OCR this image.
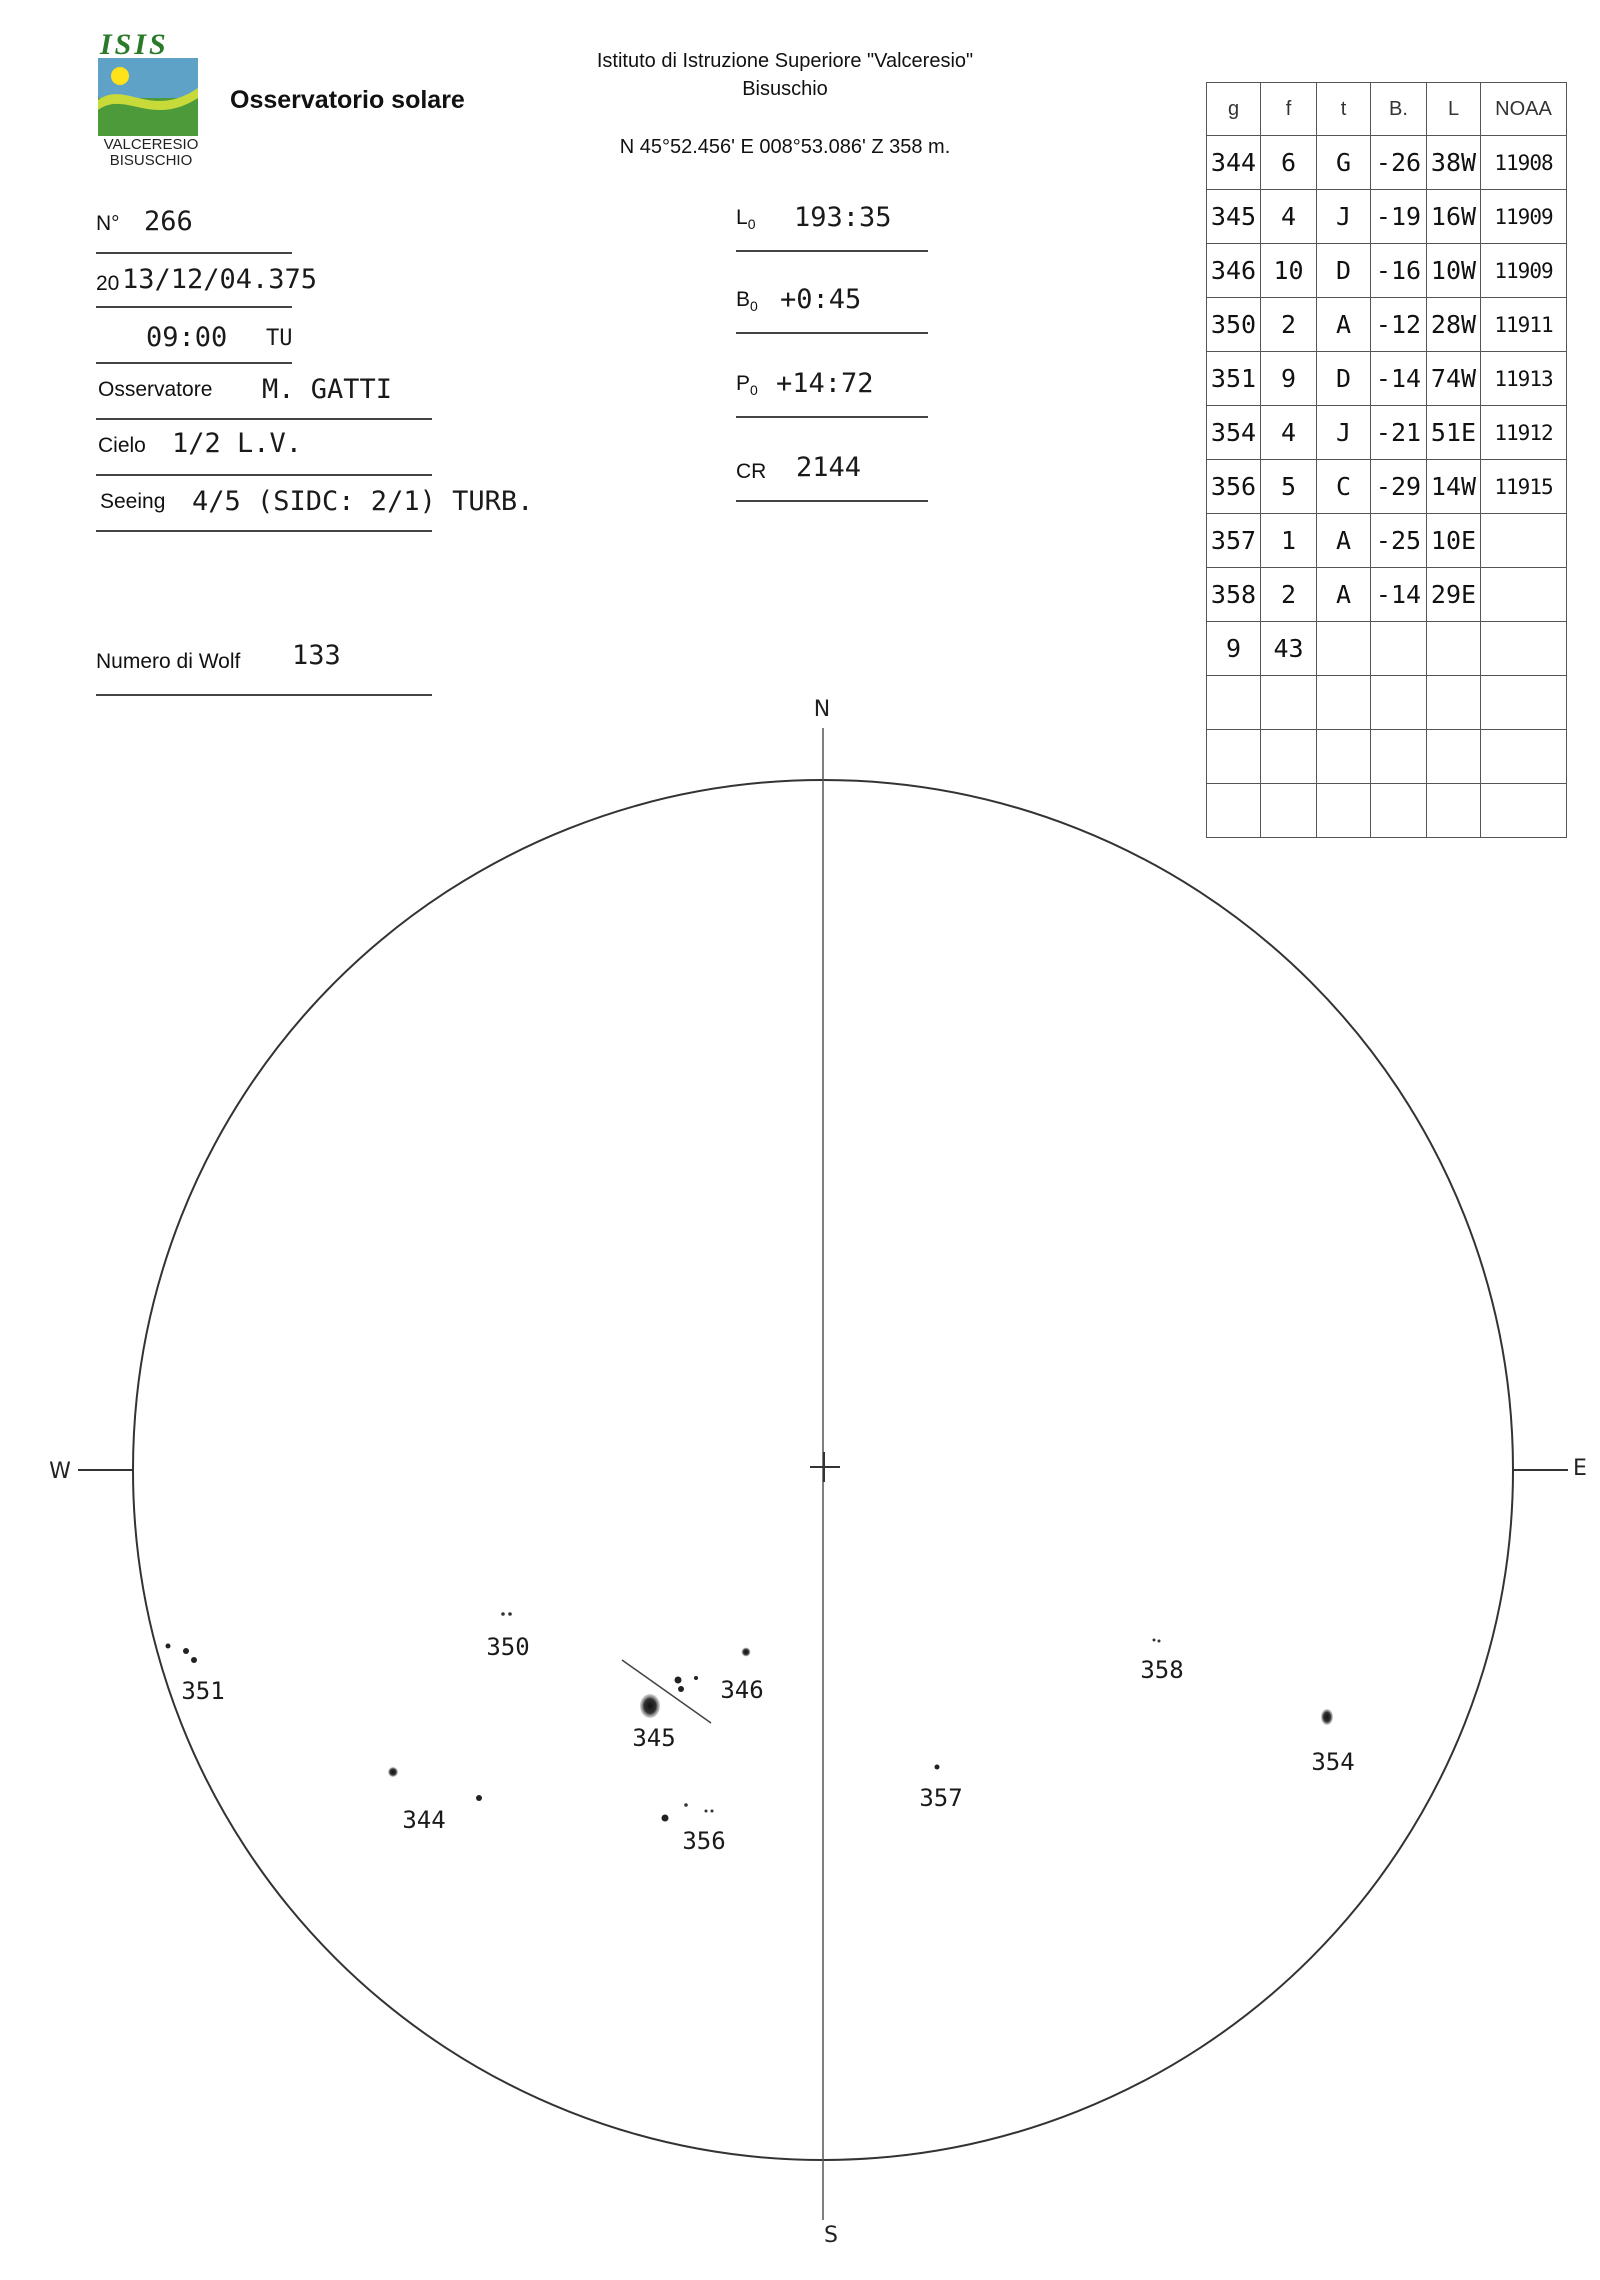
ISIS
VALCERESIO
BISUSCHIO
Osservatorio solare
Istituto di Istruzione Superiore "Valceresio"
Bisuschio
N 45°52.456' E 008°53.086' Z 358 m.
N° 266
20 13/12/04.375
09:00 TU
Osservatore M. GATTI
Cielo 1/2 L.V.
Seeing 4/5 (SIDC: 2/1) TURB.
Numero di Wolf 133
$L_0$ 193:35
$B_0$ +0:45
$P_0$ +14:72
CR 2144
g	f	t	B.	L	NOAA
344	6	G	-26	38W	11908
345	4	J	-19	16W	11909
346	10	D	-16	10W	11909
350	2	A	-12	28W	11911
351	9	D	-14	74W	11913
354	4	J	-21	51E	11912
356	5	C	-29	14W	11915
357	1	A	-25	10E	
358	2	A	-14	29E	
9	43				

N
S
W	E
351
350
345
346
344
356
357
358
354
